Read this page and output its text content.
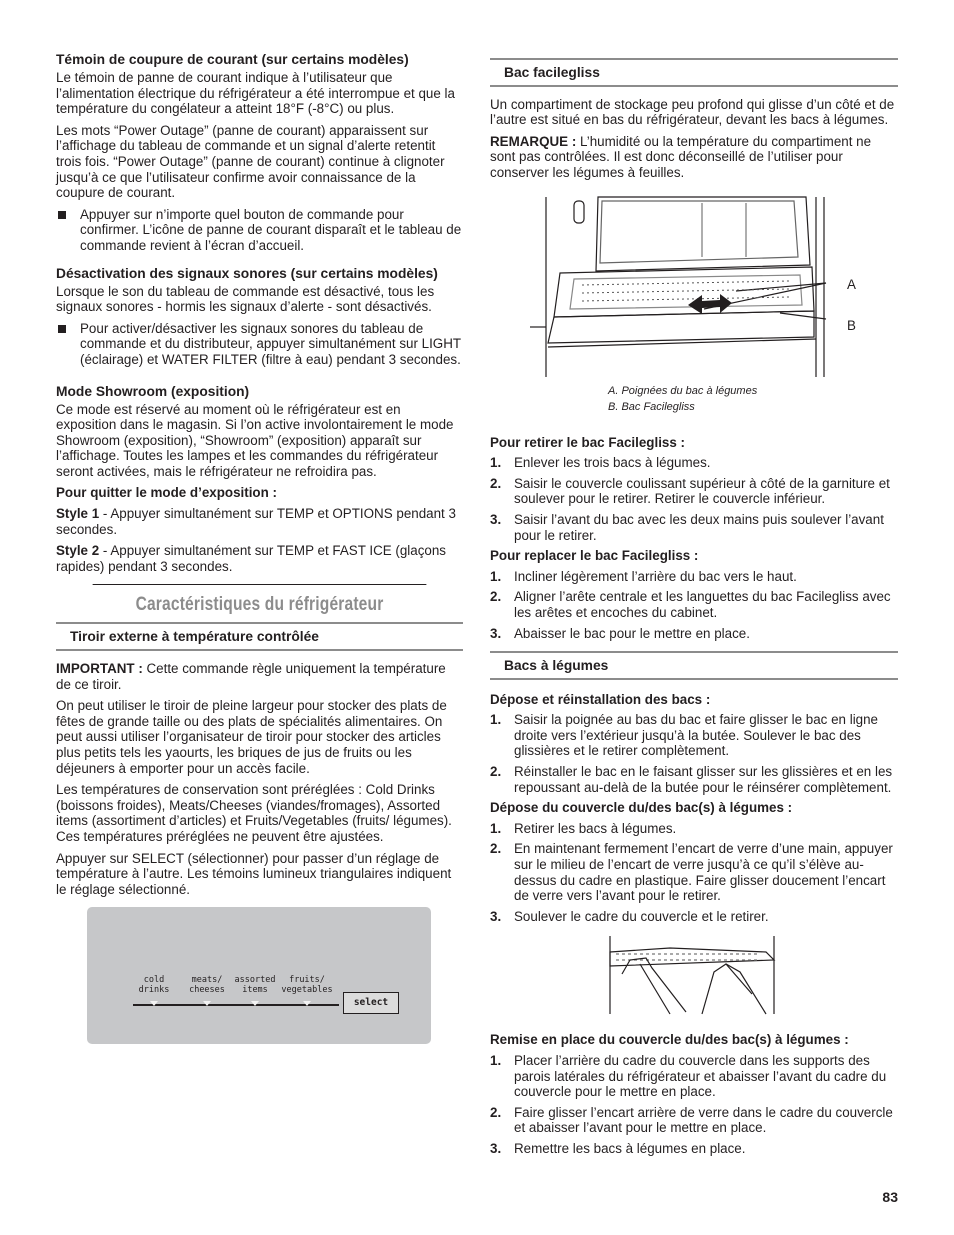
Témoin de coupure de courant (sur certains modèles)

Le témoin de panne de courant indique à l’utilisateur que l’alimentation électrique du réfrigérateur a été interrompue et que la température du congélateur a atteint 18°F (-8°C) ou plus.

Les mots “Power Outage” (panne de courant) apparaissent sur l’affichage du tableau de commande et un signal d’alerte retentit trois fois. “Power Outage” (panne de courant) continue à clignoter jusqu’à ce que l’utilisateur confirme avoir connaissance de la coupure de courant.

Appuyer sur n’importe quel bouton de commande pour confirmer. L’icône de panne de courant disparaît et le tableau de commande revient à l’écran d’accueil.
Désactivation des signaux sonores (sur certains modèles)

Lorsque le son du tableau de commande est désactivé, tous les signaux sonores - hormis les signaux d’alerte - sont désactivés.

Pour activer/désactiver les signaux sonores du tableau de commande et du distributeur, appuyer simultanément sur LIGHT (éclairage) et WATER FILTER (filtre à eau) pendant 3 secondes.
Mode Showroom (exposition)

Ce mode est réservé au moment où le réfrigérateur est en exposition dans le magasin. Si l’on active involontairement le mode Showroom (exposition), “Showroom” (exposition) apparaît sur l’affichage. Toutes les lampes et les commandes du réfrigérateur seront activées, mais le réfrigérateur ne refroidira pas.

Pour quitter le mode d’exposition :

Style 1 - Appuyer simultanément sur TEMP et OPTIONS pendant 3 secondes.

Style 2 - Appuyer simultanément sur TEMP et FAST ICE (glaçons rapides) pendant 3 secondes.

Caractéristiques du réfrigérateur
Tiroir externe à température contrôlée

IMPORTANT : Cette commande règle uniquement la température de ce tiroir.

On peut utiliser le tiroir de pleine largeur pour stocker des plats de fêtes de grande taille ou des plats de spécialités alimentaires. On peut aussi utiliser l’organisateur de tiroir pour stocker des articles plus petits tels les yaourts, les briques de jus de fruits ou les déjeuners à emporter pour un accès facile.

Les températures de conservation sont préréglées : Cold Drinks (boissons froides), Meats/Cheeses (viandes/fromages), Assorted items (assortiment d’articles) et Fruits/Vegetables (fruits/ légumes). Ces températures préréglées ne peuvent être ajustées.

Appuyer sur SELECT (sélectionner) pour passer d’un réglage de température à l’autre. Les témoins lumineux triangulaires indiquent le réglage sélectionné.

cold
drinks
meats/
cheeses
assorted
items
fruits/
vegetables
select
Bac facilegliss

Un compartiment de stockage peu profond qui glisse d’un côté et de l’autre est situé en bas du réfrigérateur, devant les bacs à légumes.

REMARQUE : L’humidité ou la température du compartiment ne sont pas contrôlées. Il est donc déconseillé de l’utiliser pour conserver les légumes à feuilles.

A
B
A. Poignées du bac à légumes
B. Bac Facilegliss

Pour retirer le bac Facilegliss :

1. Enlever les trois bacs à légumes.
2. Saisir le couvercle coulissant supérieur à côté de la garniture et soulever pour le retirer. Retirer le couvercle inférieur.
3. Saisir l’avant du bac avec les deux mains puis soulever l’avant pour le retirer.

Pour replacer le bac Facilegliss :

1. Incliner légèrement l’arrière du bac vers le haut.
2. Aligner l’arête centrale et les languettes du bac Facilegliss avec les arêtes et encoches du cabinet.
3. Abaisser le bac pour le mettre en place.
Bacs à légumes

Dépose et réinstallation des bacs :

1. Saisir la poignée au bas du bac et faire glisser le bac en ligne droite vers l’extérieur jusqu’à la butée. Soulever le bac des glissières et le retirer complètement.
2. Réinstaller le bac en le faisant glisser sur les glissières et en les repoussant au-delà de la butée pour le réinsérer complètement.

Dépose du couvercle du/des bac(s) à légumes :

1. Retirer les bacs à légumes.
2. En maintenant fermement l’encart de verre d’une main, appuyer sur le milieu de l’encart de verre jusqu’à ce qu’il s’élève au-dessus du cadre en plastique. Faire glisser doucement l’encart de verre vers l’avant pour le retirer.
3. Soulever le cadre du couvercle et le retirer.

Remise en place du couvercle du/des bac(s) à légumes :

1. Placer l’arrière du cadre du couvercle dans les supports des parois latérales du réfrigérateur et abaisser l’avant du cadre du couvercle pour le mettre en place.
2. Faire glisser l’encart arrière de verre dans le cadre du couvercle et abaisser l’avant pour le mettre en place.
3. Remettre les bacs à légumes en place.
83
